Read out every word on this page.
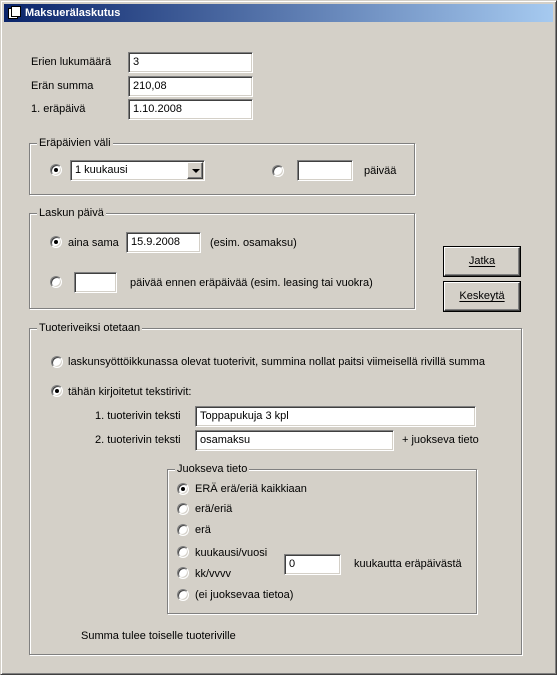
Maksuerälaskutus
Erien lukumäärä	3
Erän summa	210,08
1. eräpäivä	1.10.2008
Eräpäivien väli
1 kuukausi	päivää
Laskun päivä
aina sama	15.9.2008	(esim. osamaksu)
päivää ennen eräpäivää (esim. leasing tai vuokra)
Jatka
Keskeytä
Tuoteriveiksi otetaan
laskunsyöttöikkunassa olevat tuoterivit, summina nollat paitsi viimeisellä rivillä summa
tähän kirjoitetut tekstirivit:
1. tuoterivin teksti	Toppapukuja 3 kpl
2. tuoterivin teksti	osamaksu	+ juokseva tieto
Juokseva tieto
ERÄ erä/eriä kaikkiaan
erä/eriä
erä
kuukausi/vuosi
kk/vvvv
(ei juoksevaa tietoa)
0	kuukautta eräpäivästä
Summa tulee toiselle tuoteriville
